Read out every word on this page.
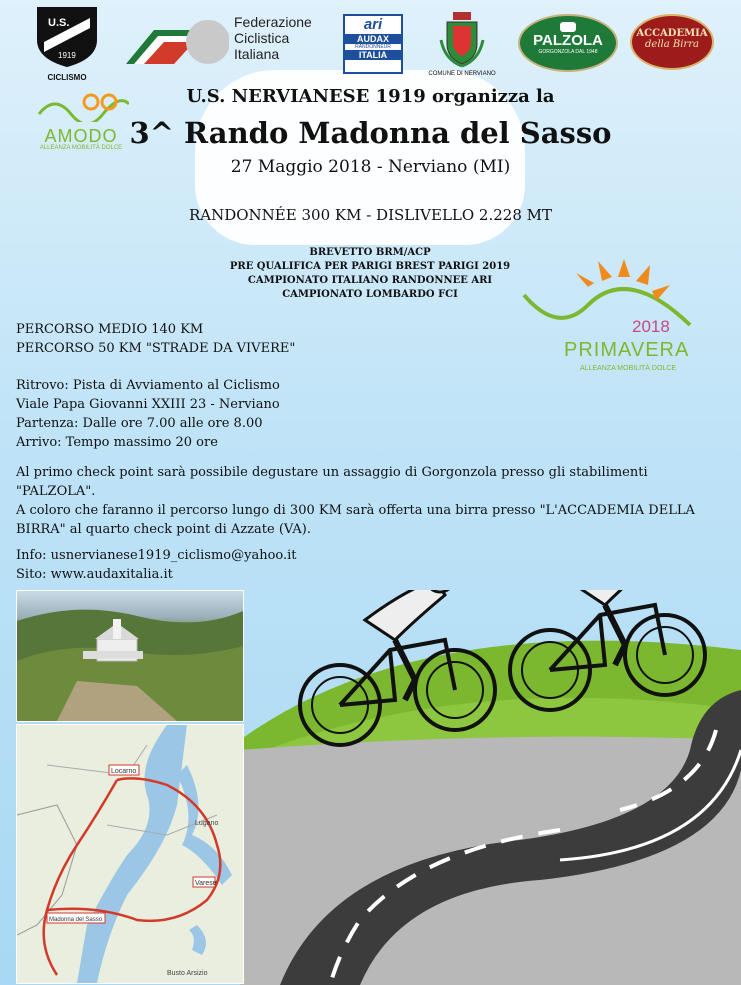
U.S.
1919
CICLISMO
Federazione
Ciclistica
Italiana
ari
AUDAX
RANDONNEUR
ITALIA
COMUNE DI NERVIANO
PALZOLA
GORGONZOLA DAL 1948
ACCADEMIA
della Birra
AMODO
ALLEANZA MOBILITÀ DOLCE
U.S. NERVIANESE 1919 organizza la
3^ Rando Madonna del Sasso
27 Maggio 2018 - Nerviano (MI)
RANDONNÉE 300 KM - DISLIVELLO 2.228 MT
BREVETTO BRM/ACP
PRE QUALIFICA PER PARIGI BREST PARIGI 2019
CAMPIONATO ITALIANO RANDONNEE ARI
CAMPIONATO LOMBARDO FCI
2018
PRIMAVERA
ALLEANZA MOBILITÀ DOLCE
PERCORSO MEDIO 140 KM
PERCORSO 50 KM "STRADE DA VIVERE"
Ritrovo: Pista di Avviamento al Ciclismo
Viale Papa Giovanni XXIII 23 - Nerviano
Partenza: Dalle ore 7.00 alle ore 8.00
Arrivo: Tempo massimo 20 ore
Al primo check point sarà possibile degustare un assaggio di Gorgonzola presso gli stabilimenti "PALZOLA".
A coloro che faranno il percorso lungo di 300 KM sarà offerta una birra presso "L'ACCADEMIA DELLA BIRRA" al quarto check point di Azzate (VA).
Info: usnervianese1919_ciclismo@yahoo.it
Sito: www.audaxitalia.it
Locarno
Varese
Madonna del Sasso
Lugano
Busto Arsizio
